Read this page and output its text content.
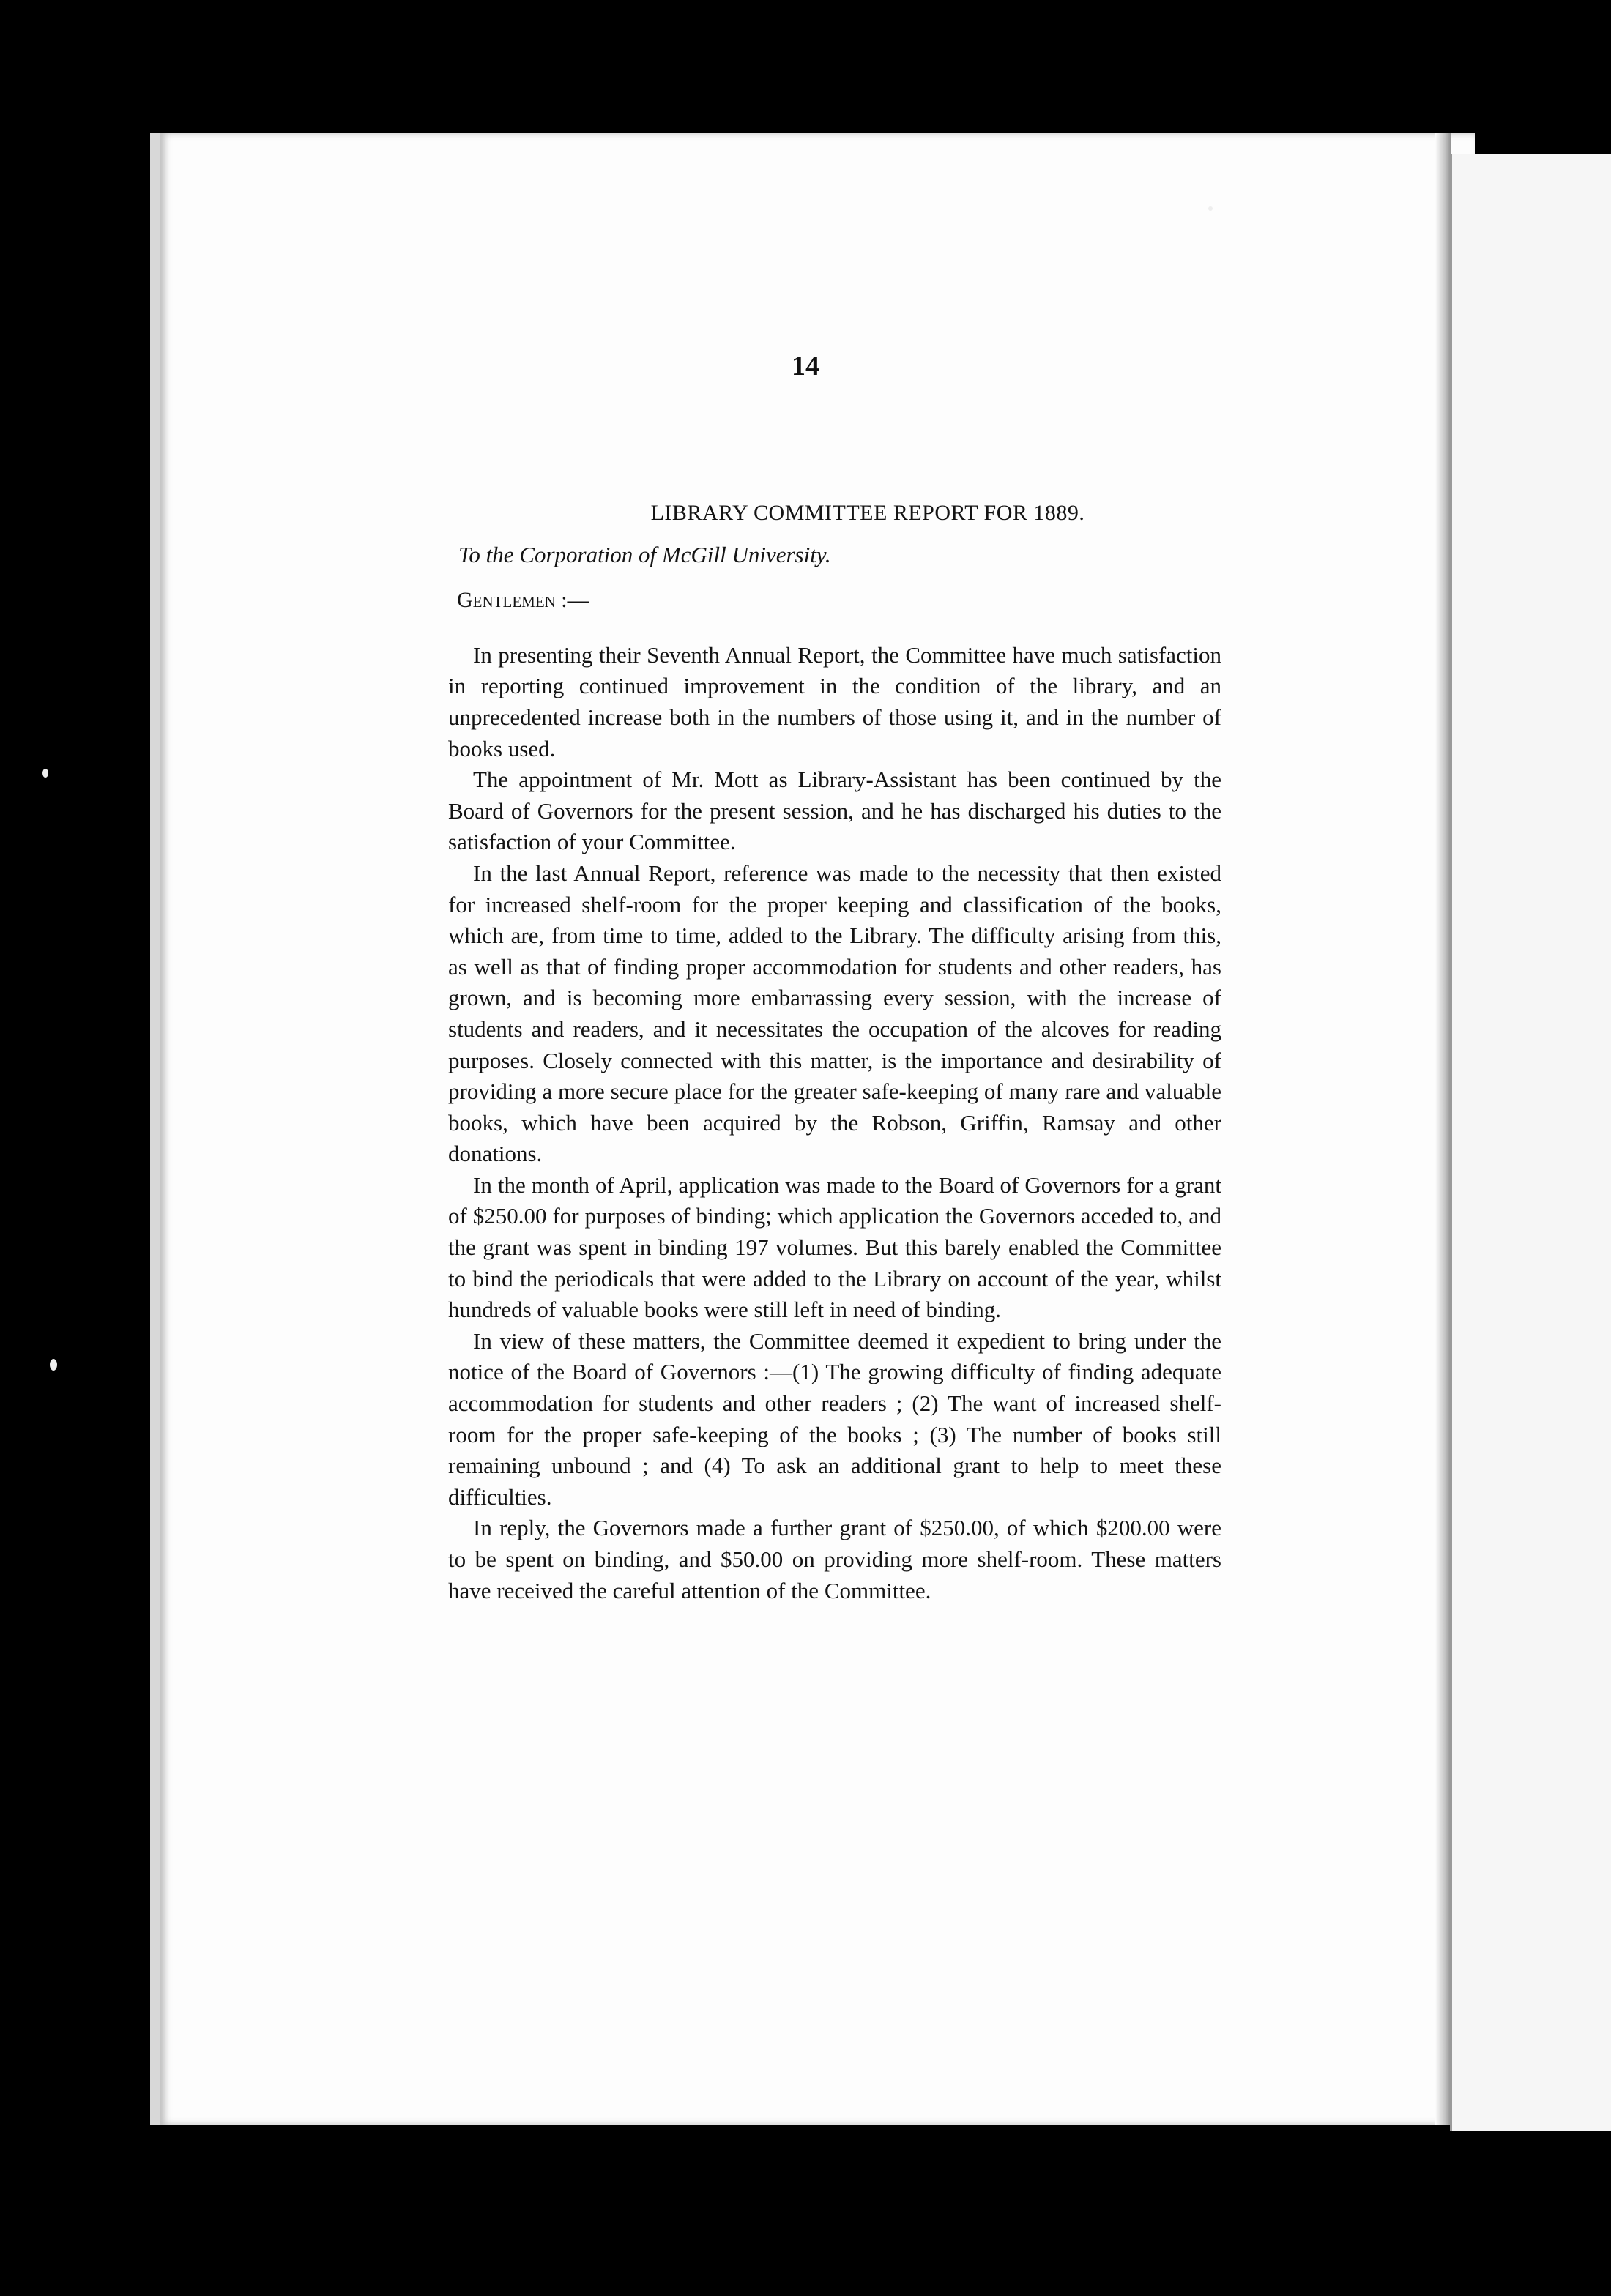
14
LIBRARY COMMITTEE REPORT FOR 1889.
To the Corporation of McGill University.
Gentlemen :—

In presenting their Seventh Annual Report, the Committee have much satisfaction in reporting continued improvement in the condition of the library, and an unprecedented increase both in the numbers of those using it, and in the number of books used.

The appointment of Mr. Mott as Library-Assistant has been continued by the Board of Governors for the present session, and he has discharged his duties to the satisfaction of your Committee.

In the last Annual Report, reference was made to the necessity that then existed for increased shelf-room for the proper keeping and classification of the books, which are, from time to time, added to the Library. The difficulty arising from this, as well as that of finding proper accommodation for students and other readers, has grown, and is becoming more embarrassing every session, with the increase of students and readers, and it necessitates the occupation of the alcoves for reading purposes. Closely connected with this matter, is the importance and desirability of providing a more secure place for the greater safe-keeping of many rare and valuable books, which have been acquired by the Robson, Griffin, Ramsay and other donations.

In the month of April, application was made to the Board of Governors for a grant of $250.00 for purposes of binding; which application the Governors acceded to, and the grant was spent in binding 197 volumes. But this barely enabled the Committee to bind the periodicals that were added to the Library on account of the year, whilst hundreds of valuable books were still left in need of binding.

In view of these matters, the Committee deemed it expedient to bring under the notice of the Board of Governors :—(1) The growing difficulty of finding adequate accommodation for students and other readers ; (2) The want of increased shelf-room for the proper safe-keeping of the books ; (3) The number of books still remaining unbound ; and (4) To ask an additional grant to help to meet these difficulties.

In reply, the Governors made a further grant of $250.00, of which $200.00 were to be spent on binding, and $50.00 on providing more shelf-room. These matters have received the careful attention of the Committee.
